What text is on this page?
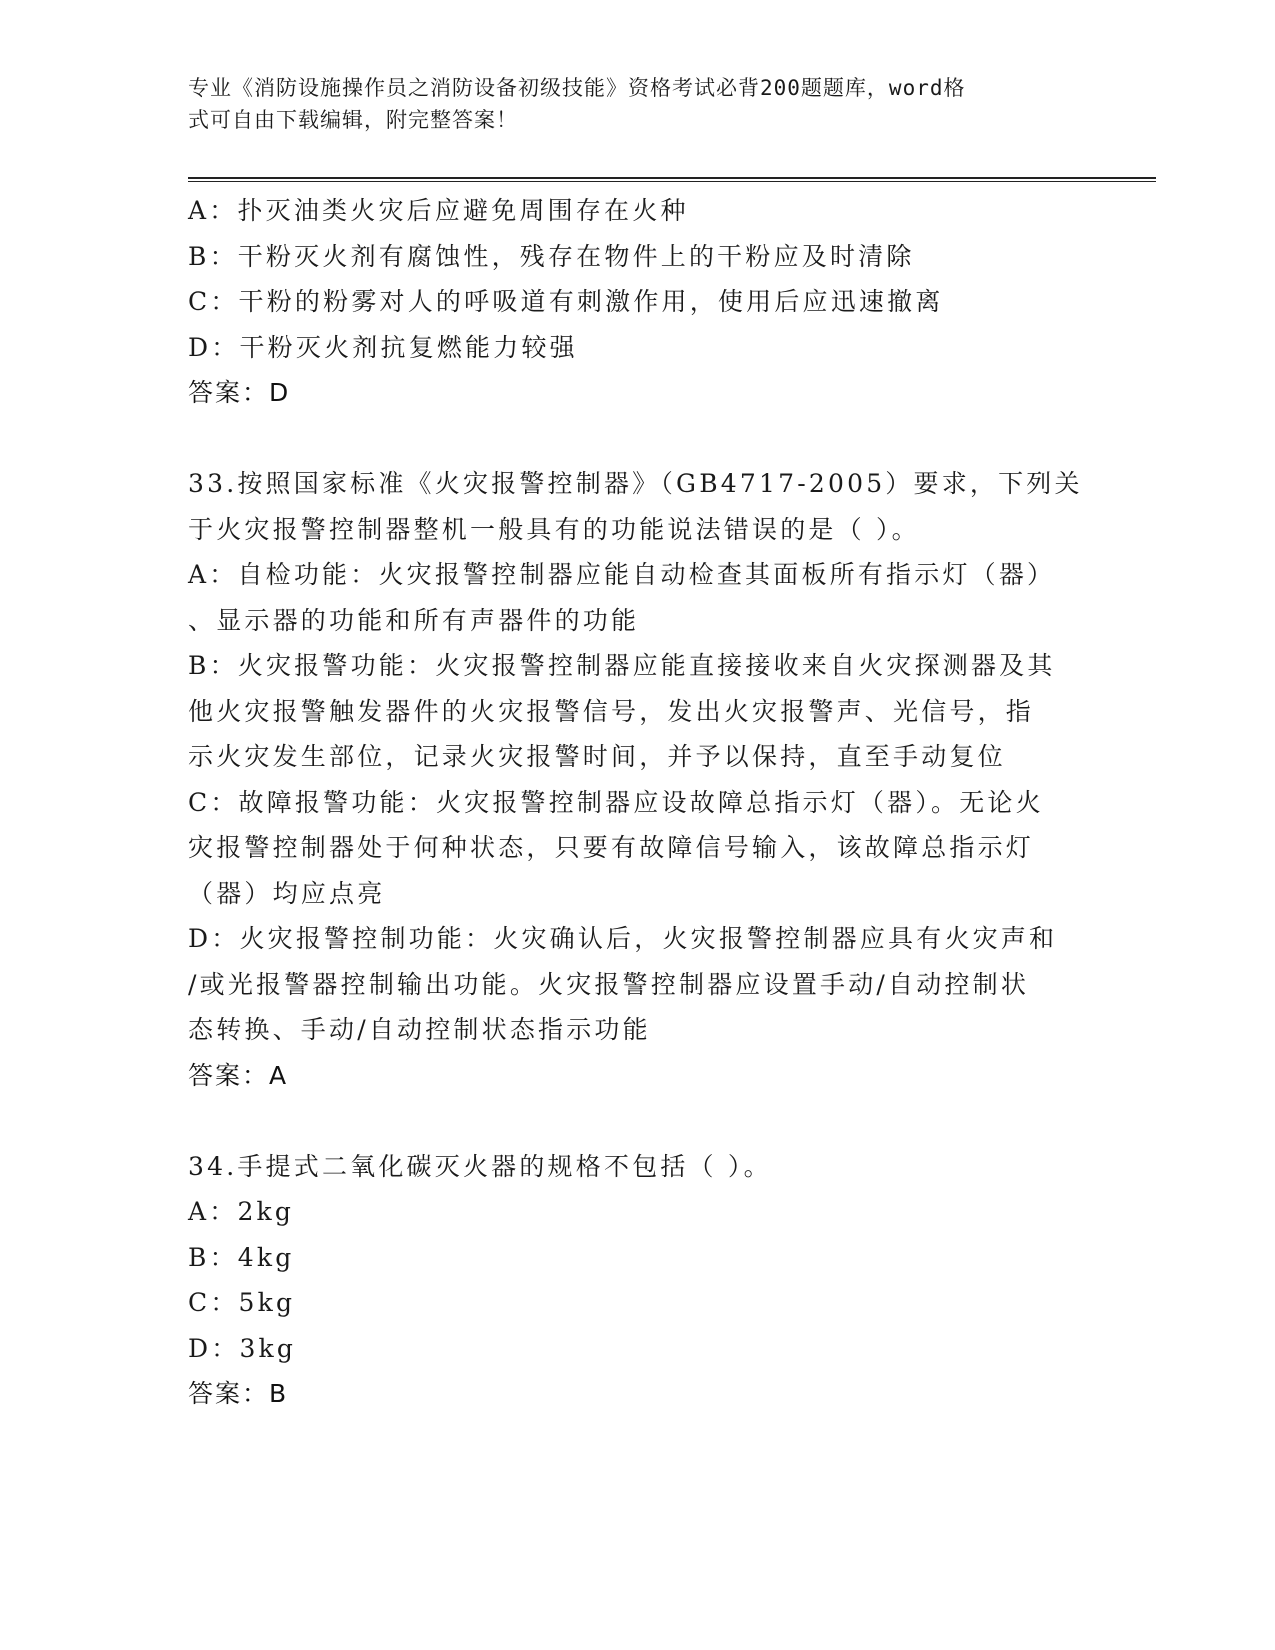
专业《消防设施操作员之消防设备初级技能》资格考试必背200题题库，word格
式可自由下载编辑，附完整答案！
A：扑灭油类火灾后应避免周围存在火种
B：干粉灭火剂有腐蚀性，残存在物件上的干粉应及时清除
C：干粉的粉雾对人的呼吸道有刺激作用，使用后应迅速撤离
D：干粉灭火剂抗复燃能力较强
答案：D
33.按照国家标准《火灾报警控制器》（GB4717-2005）要求，下列关
于火灾报警控制器整机一般具有的功能说法错误的是（ ）。
A：自检功能：火灾报警控制器应能自动检查其面板所有指示灯（器）
、显示器的功能和所有声器件的功能
B：火灾报警功能：火灾报警控制器应能直接接收来自火灾探测器及其
他火灾报警触发器件的火灾报警信号，发出火灾报警声、光信号，指
示火灾发生部位，记录火灾报警时间，并予以保持，直至手动复位
C：故障报警功能：火灾报警控制器应设故障总指示灯（器）。无论火
灾报警控制器处于何种状态，只要有故障信号输入，该故障总指示灯
（器）均应点亮
D：火灾报警控制功能：火灾确认后，火灾报警控制器应具有火灾声和
/或光报警器控制输出功能。火灾报警控制器应设置手动/自动控制状
态转换、手动/自动控制状态指示功能
答案：A
34.手提式二氧化碳灭火器的规格不包括（ ）。
A：2kg
B：4kg
C：5kg
D：3kg
答案：B
